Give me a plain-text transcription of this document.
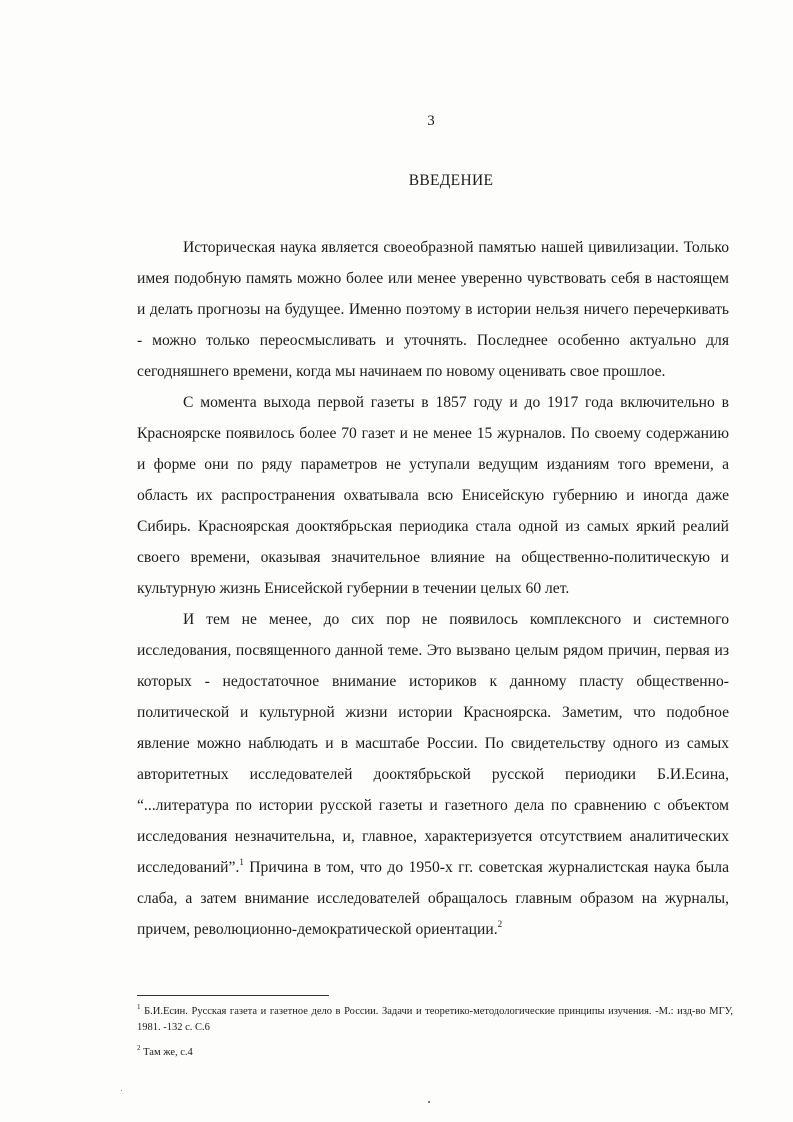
3
ВВЕДЕНИЕ

Историческая наука является своеобразной памятью нашей цивилизации. Только имея подобную память можно более или менее уверенно чувствовать себя в настоящем и делать прогнозы на будущее. Именно поэтому в истории нельзя ничего перечеркивать - можно только переосмысливать и уточнять. Последнее особенно актуально для сегодняшнего времени, когда мы начинаем по новому оценивать свое прошлое.

С момента выхода первой газеты в 1857 году и до 1917 года включительно в Красноярске появилось более 70 газет и не менее 15 журналов. По своему содержанию и форме они по ряду параметров не уступали ведущим изданиям того времени, а область их распространения охватывала всю Енисейскую губернию и иногда даже Сибирь. Красноярская дооктябрьская периодика стала одной из самых яркий реалий своего времени, оказывая значительное влияние на общественно-политическую и культурную жизнь Енисейской губернии в течении целых 60 лет.

И тем не менее, до сих пор не появилось комплексного и системного исследования, посвященного данной теме. Это вызвано целым рядом причин, первая из которых - недостаточное внимание историков к данному пласту общественно-политической и культурной жизни истории Красноярска. Заметим, что подобное явление можно наблюдать и в масштабе России. По свидетельству одного из самых авторитетных исследователей дооктябрьской русской периодики Б.И.Есина, “...литература по истории русской газеты и газетного дела по сравнению с объектом исследования незначительна, и, главное, характеризуется отсутствием аналитических исследований”.$^1$ Причина в том, что до 1950-х гг. советская журналистская наука была слаба, а затем внимание исследователей обращалось главным образом на журналы, причем, революционно-демократической ориентации.$^2$

$^1$ Б.И.Есин. Русская газета и газетное дело в России. Задачи и теоретико-методологические принципы изучения. -М.: изд-во МГУ, 1981. -132 с. С.6

$^2$ Там же, с.4
